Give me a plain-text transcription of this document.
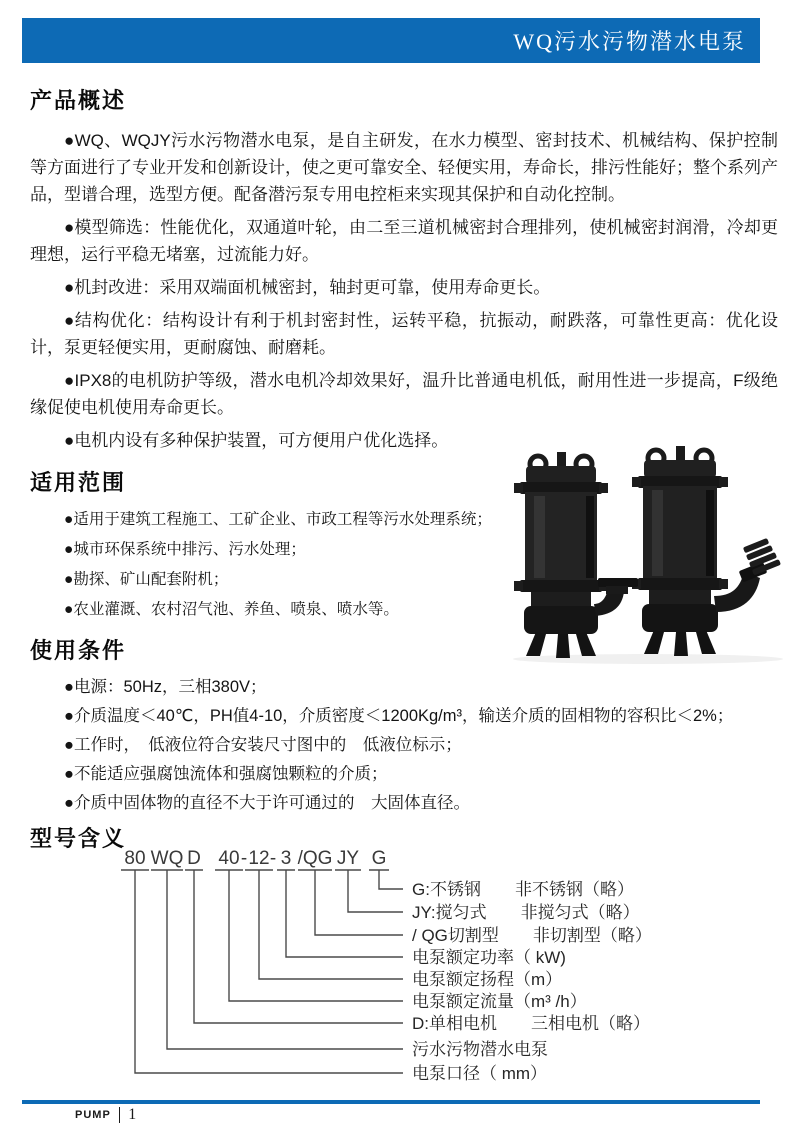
WQ污水污物潜水电泵
产品概述

●WQ、WQJY污水污物潜水电泵，是自主研发，在水力模型、密封技术、机械结构、保护控制等方面进行了专业开发和创新设计，使之更可靠安全、轻便实用，寿命长，排污性能好；整个系列产品，型谱合理，选型方便。配备潜污泵专用电控柜来实现其保护和自动化控制。

●模型筛选：性能优化，双通道叶轮，由二至三道机械密封合理排列，使机械密封润滑，冷却更理想，运行平稳无堵塞，过流能力好。

●机封改进：采用双端面机械密封，轴封更可靠，使用寿命更长。

●结构优化：结构设计有利于机封密封性，运转平稳，抗振动，耐跌落，可靠性更高：优化设计，泵更轻便实用，更耐腐蚀、耐磨耗。

●IPX8的电机防护等级，潜水电机冷却效果好，温升比普通电机低，耐用性进一步提高，F级绝缘促使电机使用寿命更长。

●电机内设有多种保护装置，可方便用户优化选择。

适用范围
●适用于建筑工程施工、工矿企业、市政工程等污水处理系统；
●城市环保系统中排污、污水处理；
●勘探、矿山配套附机；
●农业灌溉、农村沼气池、养鱼、喷泉、喷水等。
使用条件
●电源：50Hz，三相380V；
●介质温度＜40℃，PH值4-10，介质密度＜1200Kg/m³，输送介质的固相物的容积比＜2%；
●工作时，　低液位符合安装尺寸图中的　低液位标示；
●不能适应强腐蚀流体和强腐蚀颗粒的介质；
●介质中固体物的直径不大于许可通过的　大固体直径。
型号含义
80 WQ D 40 - 12 - 3 /QG JY G
G:不锈钢　　非不锈钢（略）
JY:搅匀式　　非搅匀式（略）
/ QG切割型　　非切割型（略）
电泵额定功率（ kW)
电泵额定扬程（m）
电泵额定流量（m³ /h）
D:单相电机　　三相电机（略）
污水污物潜水电泵
电泵口径（ mm）
PUMP 1
